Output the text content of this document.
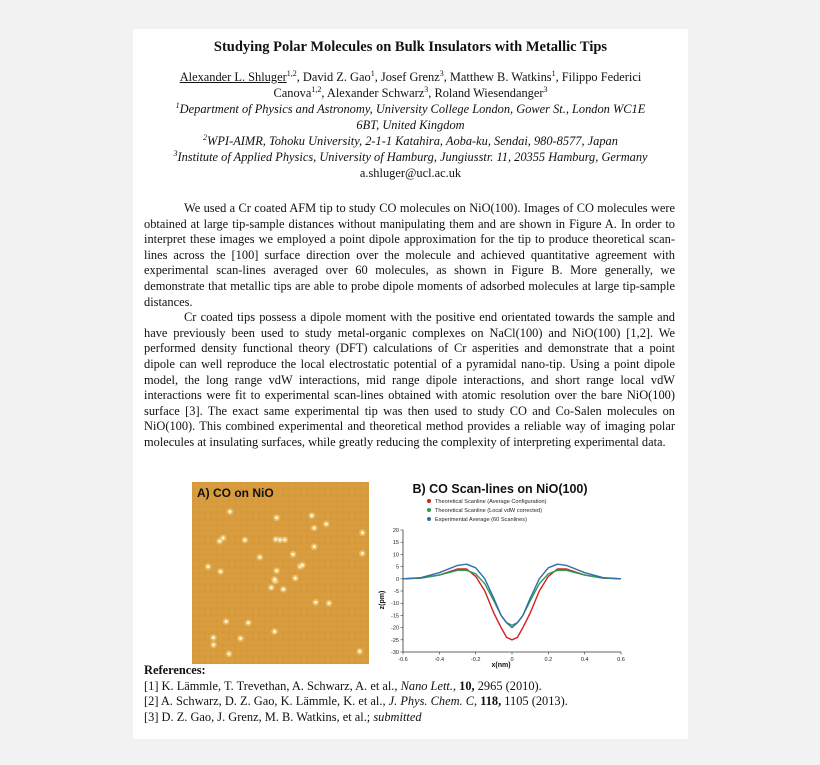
Studying Polar Molecules on Bulk Insulators with Metallic Tips
Alexander L. Shluger$^{1,2}$, David Z. Gao$^1$, Josef Grenz$^3$, Matthew B. Watkins$^1$, Filippo Federici
Canova$^{1,2}$, Alexander Schwarz$^3$, Roland Wiesendanger$^3$
$^1$Department of Physics and Astronomy, University College London, Gower St., London WC1E
6BT, United Kingdom
$^2$WPI-AIMR, Tohoku University, 2-1-1 Katahira, Aoba-ku, Sendai, 980-8577, Japan
$^3$Institute of Applied Physics, University of Hamburg, Jungiusstr. 11, 20355 Hamburg, Germany
a.shluger@ucl.ac.uk

We used a Cr coated AFM tip to study CO molecules on NiO(100). Images of CO molecules were obtained at large tip-sample distances without manipulating them and are shown in Figure A. In order to interpret these images we employed a point dipole approximation for the tip to produce theoretical scan-lines across the [100] surface direction over the molecule and achieved quantitative agreement with experimental scan-lines averaged over 60 molecules, as shown in Figure B. More generally, we demonstrate that metallic tips are able to probe dipole moments of adsorbed molecules at large tip-sample distances.

Cr coated tips possess a dipole moment with the positive end orientated towards the sample and have previously been used to study metal-organic complexes on NaCl(100) and NiO(100) [1,2]. We performed density functional theory (DFT) calculations of Cr asperities and demonstrate that a point dipole can well reproduce the local electrostatic potential of a pyramidal nano-tip. Using a point dipole model, the long range vdW interactions, mid range dipole interactions, and short range local vdW interactions were fit to experimental scan-lines obtained with atomic resolution over the bare NiO(100) surface [3]. The exact same experimental tip was then used to study CO and Co-Salen molecules on NiO(100). This combined experimental and theoretical method provides a reliable way of imaging polar molecules at insulating surfaces, while greatly reducing the complexity of interpreting experimental data.

A) CO on NiO	B) CO Scan-lines on NiO(100)
-0.6	-0.4	-0.2	0	0.2	0.4	0.6
20
15
10
5
0
-5
-10
-15
-20
-25
-30
Theoretical Scanline (Average Configuration)
Theoretical Scanline (Local vdW corrected)
Experimental Average (60 Scanlines)
x(nm)
z(pm)
References:
[1] K. Lämmle, T. Trevethan, A. Schwarz, A. et al., Nano Lett., 10, 2965 (2010).
[2] A. Schwarz, D. Z. Gao, K. Lämmle, K. et al., J. Phys. Chem. C, 118, 1105 (2013).
[3] D. Z. Gao, J. Grenz, M. B. Watkins, et al.; submitted
